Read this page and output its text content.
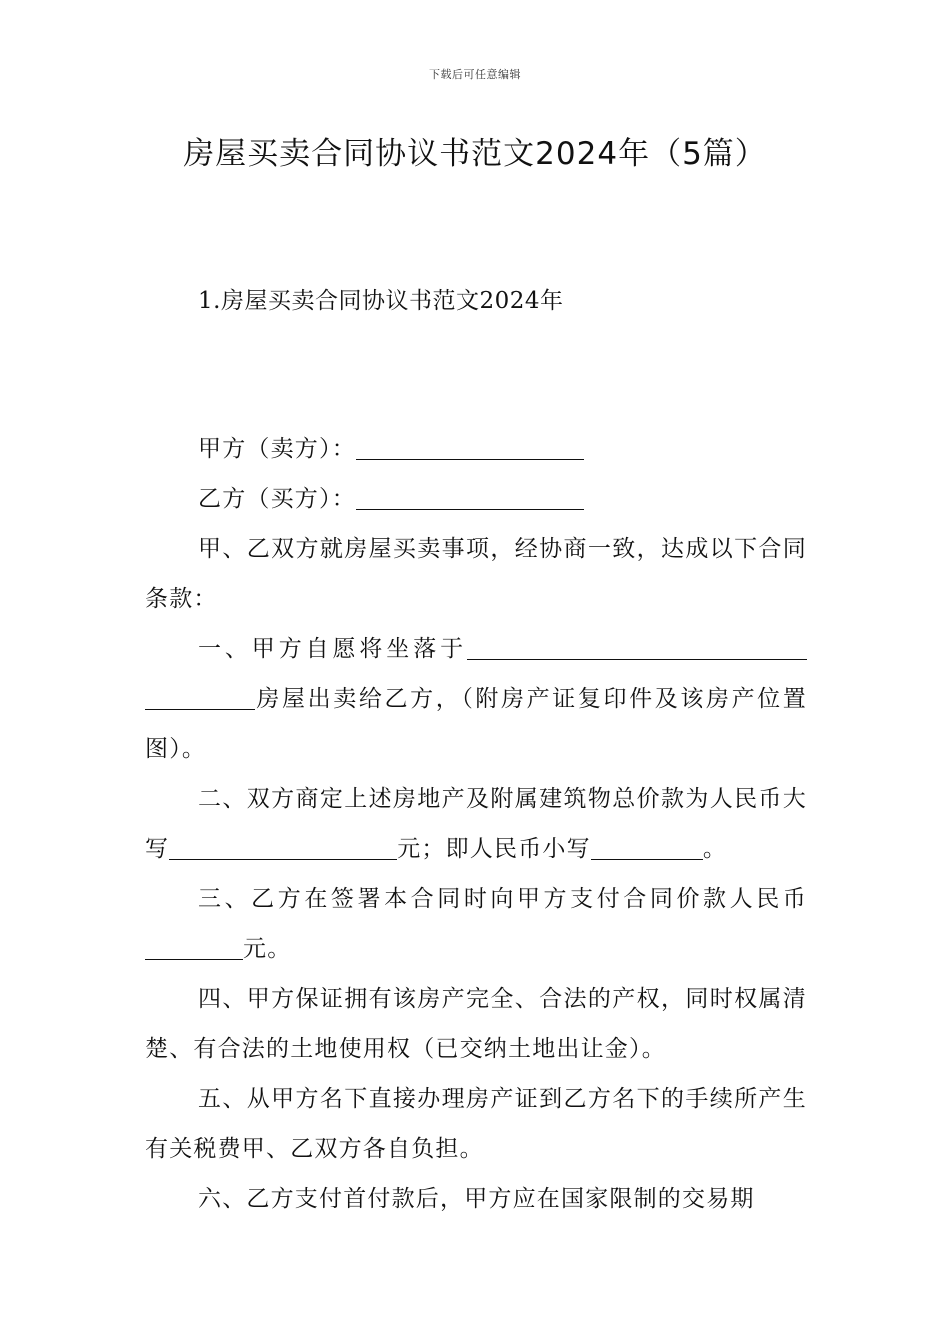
下载后可任意编辑
房屋买卖合同协议书范文2024年（5篇）
1.房屋买卖合同协议书范文2024年

甲方（卖方）：

乙方（买方）：

甲、乙双方就房屋买卖事项，经协商一致，达成以下合同条款：

一、甲方自愿将坐落于房屋出卖给乙方，（附房产证复印件及该房产位置图）。

二、双方商定上述房地产及附属建筑物总价款为人民币大写	元；即人民币小写	。

三、乙方在签署本合同时向甲方支付合同价款人民币元。

四、甲方保证拥有该房产完全、合法的产权，同时权属清楚、有合法的土地使用权（已交纳土地出让金）。

五、从甲方名下直接办理房产证到乙方名下的手续所产生有关税费甲、乙双方各自负担。

六、乙方支付首付款后，甲方应在国家限制的交易期
